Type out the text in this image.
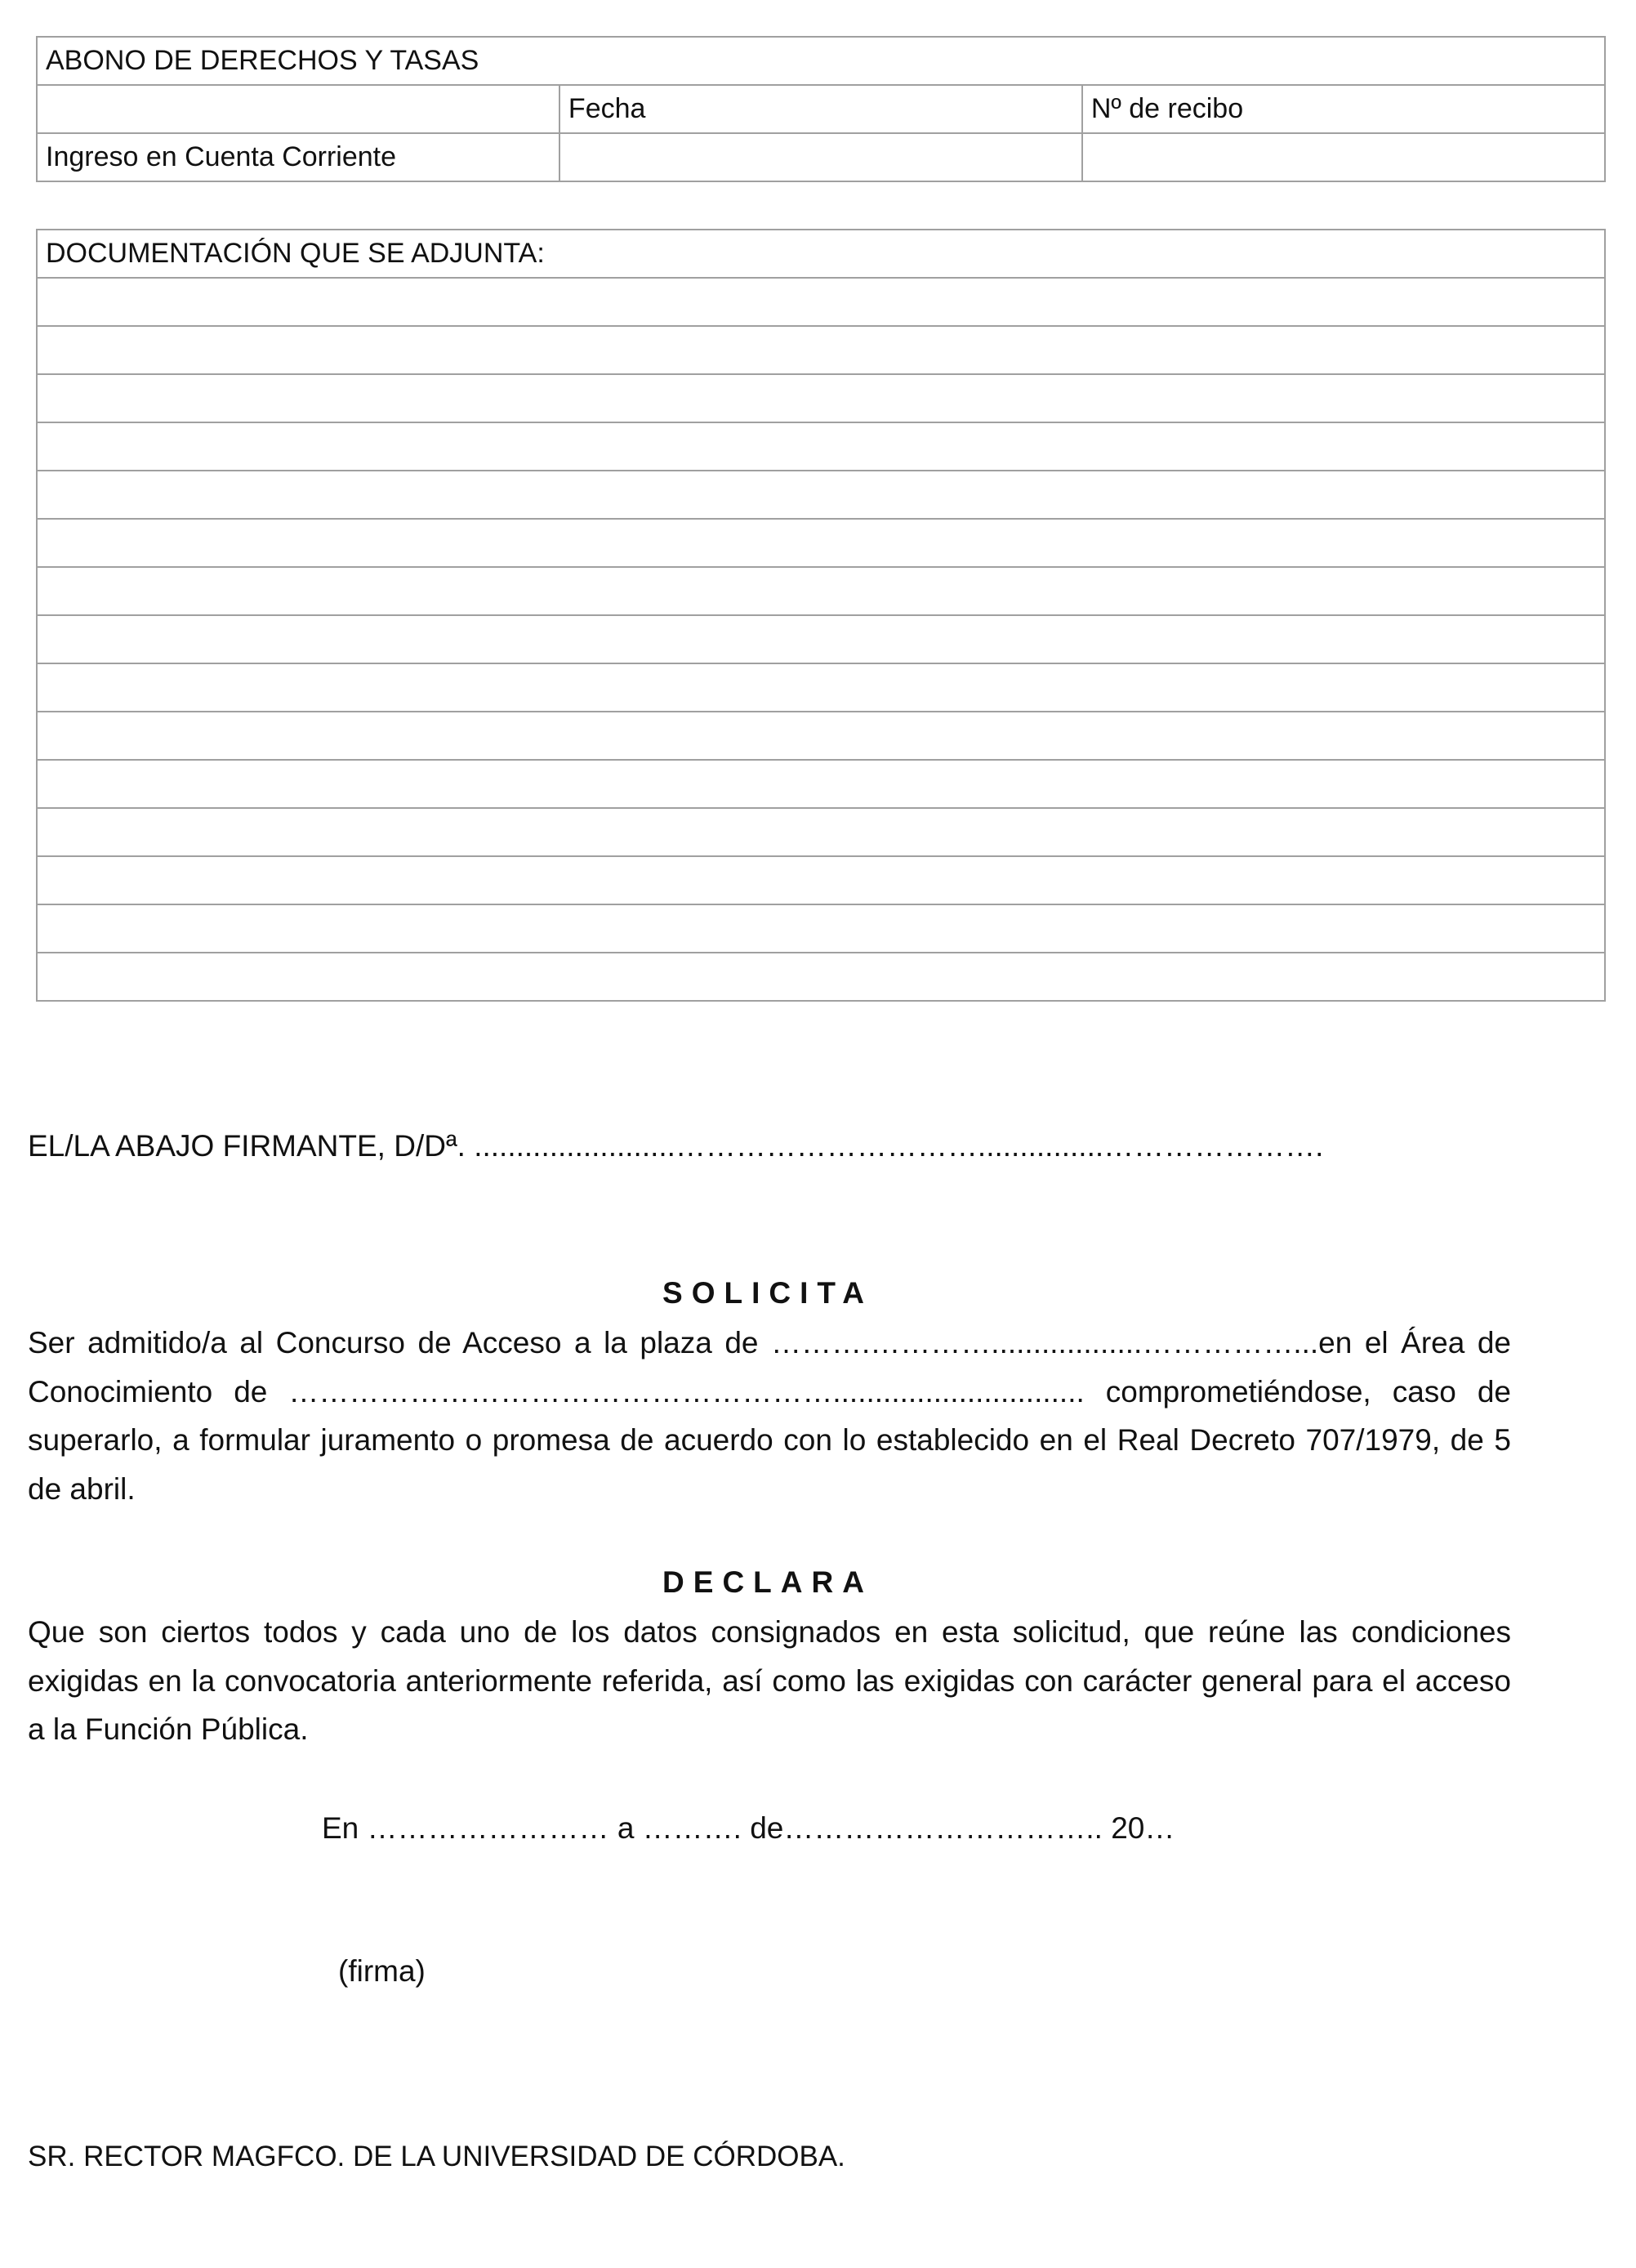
ABONO DE DERECHOS Y TASAS		
	Fecha	Nº de recibo
Ingreso en Cuenta Corriente		
DOCUMENTACIÓN QUE SE ADJUNTA:

EL/LA ABAJO FIRMANTE, D/Dª. ........................…………………………...............………………….
SOLICITA

Ser admitido/a al Concurso de Acceso a la plaza de ……….…………..................……………...en el Área de Conocimiento de ……………………………………………….............................. comprometiéndose, caso de superarlo, a formular juramento o promesa de acuerdo con lo establecido en el Real Decreto 707/1979, de 5 de abril.

DECLARA

Que son ciertos todos y cada uno de los datos consignados en esta solicitud, que reúne las condiciones exigidas en la convocatoria anteriormente referida, así como las exigidas con carácter general para el acceso a la Función Pública.

En …………………… a ………. de………………………….. 20…
(firma)
SR. RECTOR MAGFCO. DE LA UNIVERSIDAD DE CÓRDOBA.
